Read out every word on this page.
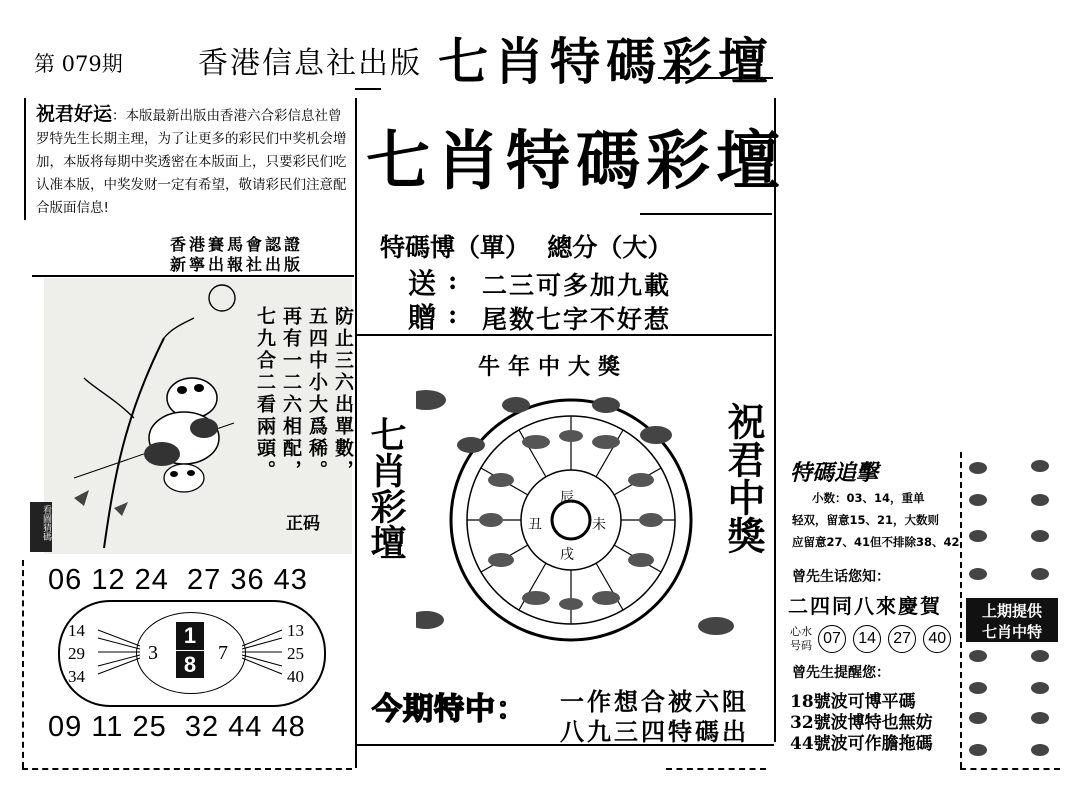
第 079期	香港信息社出版 七肖特碼彩壇
祝君好运：本版最新出版由香港六合彩信息社曾罗特先生长期主理，为了让更多的彩民们中奖机会增加，本版将每期中奖透密在本版面上，只要彩民们吃认准本版，中奖发财一定有希望，敬请彩民们注意配合版面信息!
香港賽馬會認證
新寧出報社出版
防止三六出單數， 五四中小大爲稀。 再有一二六相配， 七九合二看兩頭。
正码
看圖猜碼
06 12 24  27 36 43
09 11 25  32 44 48
14
29
34
13
25
40
3	7
1
8
七肖特碼彩壇
特碼博（單）  總分（大）
送 : 二三可多加九載
贈 : 尾数七字不好惹
牛年中大獎
七肖彩壇	祝君中獎
辰
未
丑
戌
今期特中： 一作想合被六阻
八九三四特碼出
特碼追擊
小数：03、14，重单
轻双，留意15、21，大数则
应留意27、41但不排除38、42
曾先生话您知：
二四同八來慶賀
心水号码 07 14 27 40
曾先生提醒您：
18號波可博平碼
32號波博特也無妨
44號波可作膽拖碼
上期提供
七肖中特
